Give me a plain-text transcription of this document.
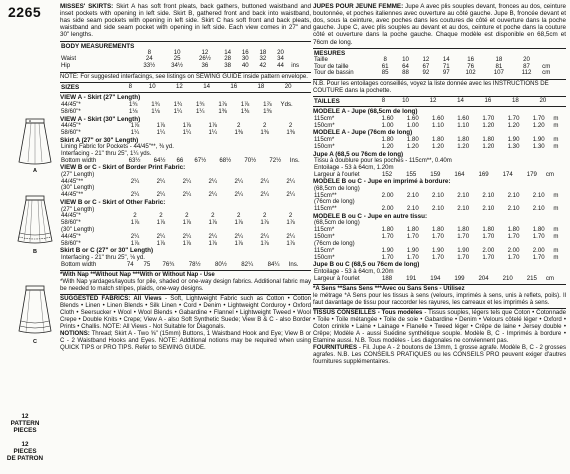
2265
A
B
C
12
PATTERN
PIECES
12
PIECES
DE PATRON
MISSES' SKIRTS: Skirt A has soft front pleats, back gathers, buttoned waistband and inset pockets with opening in left side. Skirt B, gathered front and back into waistband, has side seam pockets with opening in left side. Skirt C has soft front and back pleats, waistband and side seam pocket with opening in left side. Each view comes in 27" and 30" lengths.
BODY MEASUREMENTS								
	8	10	12	14	16	18	20	
Waist	24	25	26½	28	30	32	34	
Hip	33½	34½	36	38	40	42	44	ins
NOTE: For suggested interfacings, see listings on SEWING GUIDE inside pattern envelope.
SIZES	8	10	12	14	16	18	20	
VIEW A - Skirt (27" Length)
44/45"*	1¾	1¾	1¾	1¾	1⅞	1⅞	1⅞	Yds.
58/60"*	1⅛	1⅛	1¼	1¼	1⅜	1⅜	1⅜	
VIEW A - Skirt (30" Length)
44/45"*	1⅞	1⅞	1⅞	1⅞	2	2	2	
58/60"*	1¼	1¼	1¼	1¼	1⅜	1⅜	1⅜	
Skirt A (27" or 30" Length)
Lining Fabric for Pockets - 44/45"**, ⅜ yd.
Interfacing - 21" thru 25", 1¼ yds.
Bottom width	63½	64½	66	67½	68½	70½	72½	Ins.
VIEW B or C - Skirt of Border Print Fabric:
(27" Length)								
44/45"**	2¼	2¼	2¼	2¼	2¼	2¼	2¼	
(30" Length)								
44/45"**	2¼	2¼	2¼	2¼	2¼	2¼	2¼	
VIEW B or C - Skirt of Other Fabric:
(27" Length)								
44/45"*	2	2	2	2	2	2	2	
58/60"*	1⅞	1⅞	1⅞	1⅞	1⅞	1⅞	1⅞	
(30" Length)								
44/45"*	2¼	2¼	2¼	2¼	2¼	2¼	2¼	
58/60"*	1⅞	1⅞	1⅞	1⅞	1⅞	1⅞	1⅞	
Skirt B or C (27" or 30" Length)
Interfacing - 21" thru 25", ⅛ yd.
Bottom width	74	75	76¾	78½	80½	82¼	84¼	Ins.
*With Nap **Without Nap ***With or Without Nap - Use
*With Nap yardages/layouts for pile, shaded or one-way design fabrics. Additional fabric may be needed to match stripes, plaids, one-way designs.
SUGGESTED FABRICS: All Views - Soft, Lightweight Fabric such as Cotton • Cotton Blends • Linen • Linen Blends • Silk Linen • Cord • Denim • Lightweight Corduroy • Oxford Cloth • Seersucker • Wool • Wool Blends • Gabardine • Flannel • Lightweight Tweed • Wool Crepe • Double Knits • Crepe; View A - also Soft Synthetic Suede; View B & C - also Border Prints • Challis. NOTE: All Views - Not Suitable for Diagonals.
NOTIONS: Thread; Skirt A - Two ⅝" (15mm) Buttons, 1 Waistband Hook and Eye; View B or C - 2 Waistband Hooks and Eyes. NOTE: Additional notions may be required when using QUICK TIPS or PRO TIPS. Refer to SEWING GUIDE.
JUPES POUR JEUNE FEMME: Jupe A avec plis souples devant, fronces au dos, ceinture boutonnée, et poches italiennes avec ouverture au côté gauche. Jupe B, froncée devant et dos, sous la ceinture, avec poches dans les coutures de côté et ouverture dans la poche gauche. Jupe C, avec plis souples au devant et au dos, ceinture et poche dans la couture côté et ouverture dans la poche gauche. Chaque modèle est disponible en 68,5cm et 76cm de long.
MESURES								
Taille	8	10	12	14	16	18	20	
Tour de taille	61	64	67	71	76	81	87	cm
Tour de bassin	85	88	92	97	102	107	112	cm
N.B. Pour les entoilages conseillés, voyez la liste donnée avec les INSTRUCTIONS DE COUTURE dans la pochette.
TAILLES	8	10	12	14	16	18	20	
MODELE A - Jupe (68,5cm de long)
115cm*	1.60	1.60	1.60	1.60	1.70	1.70	1.70	m
150cm*	1.00	1.00	1.10	1.10	1.20	1.20	1.20	m
MODELE A - Jupe (76cm de long)
115cm*	1.80	1.80	1.80	1.80	1.80	1.90	1.90	m
150cm*	1.20	1.20	1.20	1.20	1.20	1.30	1.30	m
Jupe A (68,5 ou 76cm de long)
Tissu à doublure pour les poches - 115cm**, 0.40m
Entoilage - 53 à 64cm, 1.20m
Largeur à l'ourlet	152	155	159	164	169	174	179	cm
MODELE B ou C - Jupe en imprimé à bordure:
(68,5cm de long)								
115cm**	2.00	2.10	2.10	2.10	2.10	2.10	2.10	m
(76cm de long)								
115cm**	2.00	2.10	2.10	2.10	2.10	2.10	2.10	m
MODELE B ou C - Jupe en autre tissu:
(68,5cm de long)								
115cm*	1.80	1.80	1.80	1.80	1.80	1.80	1.80	m
150cm*	1.70	1.70	1.70	1.70	1.70	1.70	1.70	m
(76cm de long)								
115cm*	1.90	1.90	1.90	1.90	2.00	2.00	2.00	m
150cm*	1.70	1.70	1.70	1.70	1.70	1.70	1.70	m
Jupe B ou C (68,5 ou 76cm de long)
Entoilage - 53 à 64cm, 0.20m
Largeur à l'ourlet	188	191	194	199	204	210	215	cm
*A Sens **Sans Sens ***Avec ou Sans Sens - Utilisez
le métrage *A Sens pour les tissus à sens (velours, imprimés à sens, unis à reflets, poils). Il faut davantage de tissu pour raccorder les rayures, les carreaux et les imprimés à sens.
TISSUS CONSEILLES - Tous modèles - Tissus souples, légers tels que Coton • Cotonnade • Toile • Toile métangée • Toile de soie • Gabardine • Denim • Velours côtelé léger • Oxford • Coton crinkle • Laine • Lainage • Flanelle • Tweed léger • Crêpe de laine • Jersey double • Crêpe; Modèle A - aussi Suédine synthétique souple. Modèle B, C - Imprimés à bordure • Etamine aussi. N.B. Tous modèles - Les diagonales ne conviennent pas.
FOURNITURES - Fil. Jupe A - 2 boutons de 13mm, 1 grosse agrafe. Modèle B, C - 2 grosses agrafes. N.B. Les CONSEILS PRATIQUES ou les CONSEILS PRO peuvent exiger d'autres fournitures supplémentaires.
